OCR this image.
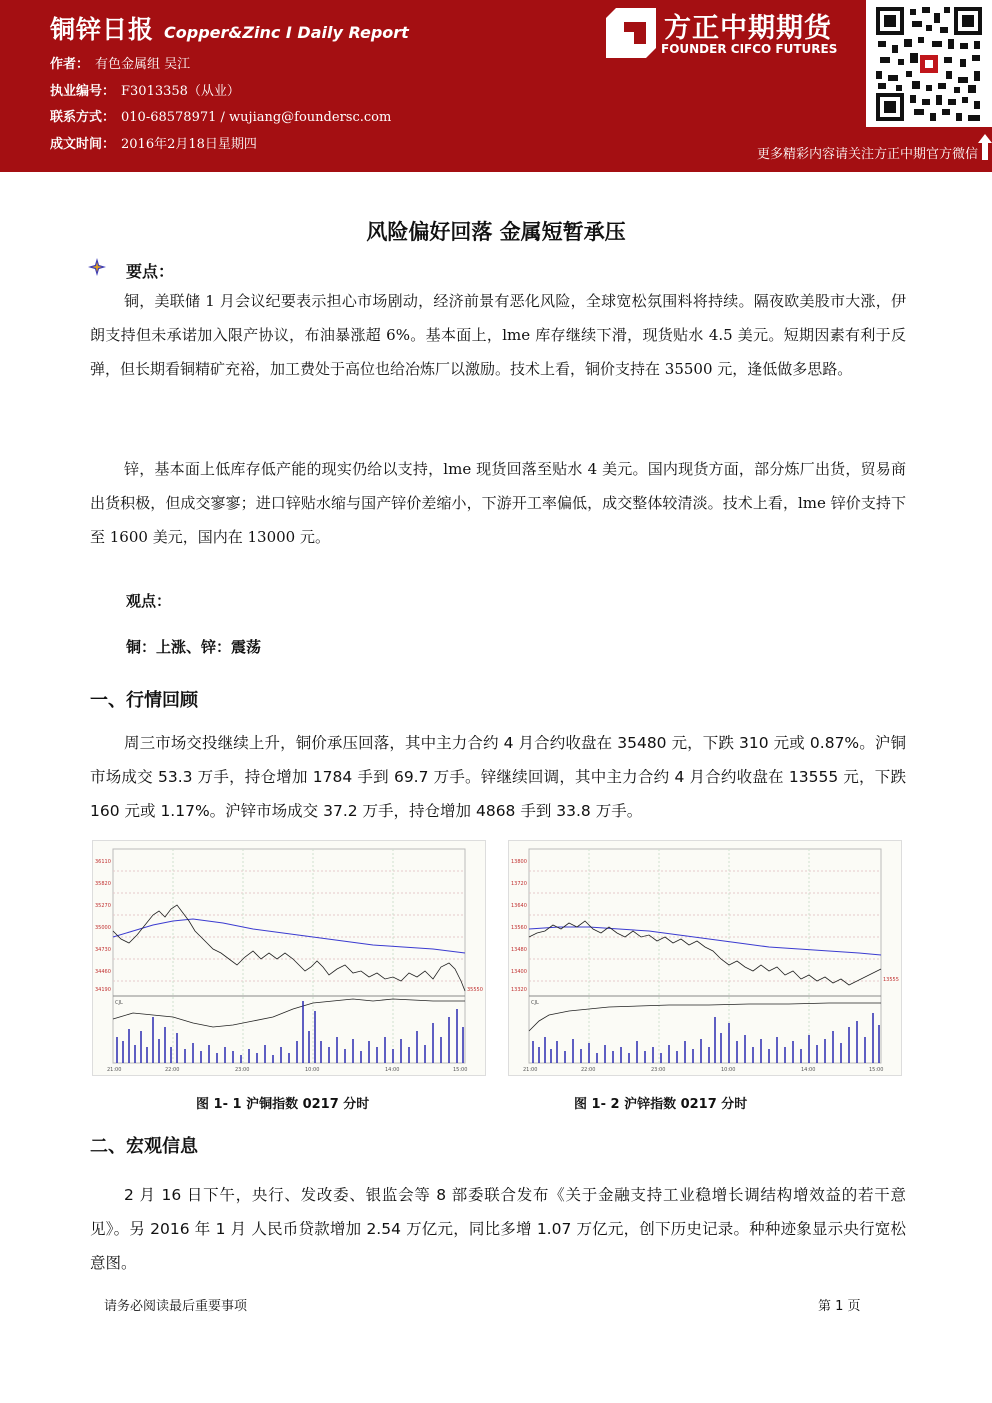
铜锌日报 Copper&Zinc I Daily Report
作者： 有色金属组 吴江
执业编号： F3013358（从业）
联系方式： 010-68578971 / wujiang@foundersc.com
成文时间： 2016年2月18日星期四
方正中期期货
FOUNDER CIFCO FUTURES
更多精彩内容请关注方正中期官方微信
风险偏好回落 金属短暂承压
要点：
铜，美联储 1 月会议纪要表示担心市场剧动，经济前景有恶化风险，全球宽松氛围料将持续。隔夜欧美股市大涨，伊朗支持但未承诺加入限产协议，布油暴涨超 6%。基本面上，lme 库存继续下滑，现货贴水 4.5 美元。短期因素有利于反弹，但长期看铜精矿充裕，加工费处于高位也给冶炼厂以激励。技术上看，铜价支持在 35500 元，逢低做多思路。
锌，基本面上低库存低产能的现实仍给以支持，lme 现货回落至贴水 4 美元。国内现货方面，部分炼厂出货，贸易商出货积极，但成交寥寥；进口锌贴水缩与国产锌价差缩小，下游开工率偏低，成交整体较清淡。技术上看，lme 锌价支持下至 1600 美元，国内在 13000 元。
观点：
铜：上涨、锌：震荡
一、行情回顾
周三市场交投继续上升，铜价承压回落，其中主力合约 4 月合约收盘在 35480 元，下跌 310 元或 0.87%。沪铜市场成交 53.3 万手，持仓增加 1784 手到 69.7 万手。锌继续回调，其中主力合约 4 月合约收盘在 13555 元，下跌 160 元或 1.17%。沪锌市场成交 37.2 万手，持仓增加 4868 手到 33.8 万手。
36110
35820
35270
35000
34730
34460
34190	35550
CJL
21:00	22:00	23:00	10:00	14:00	15:00
13800
13720
13640
13560
13480
13400
13320
13555
CJL
21:00	22:00	23:00	10:00	14:00	15:00
图 1- 1 沪铜指数 0217 分时	图 1- 2 沪锌指数 0217 分时
二、宏观信息
2 月 16 日下午，央行、发改委、银监会等 8 部委联合发布《关于金融支持工业稳增长调结构增效益的若干意见》。另 2016 年 1 月 人民币贷款增加 2.54 万亿元，同比多增 1.07 万亿元，创下历史记录。种种迹象显示央行宽松意图。
请务必阅读最后重要事项	第 1 页
